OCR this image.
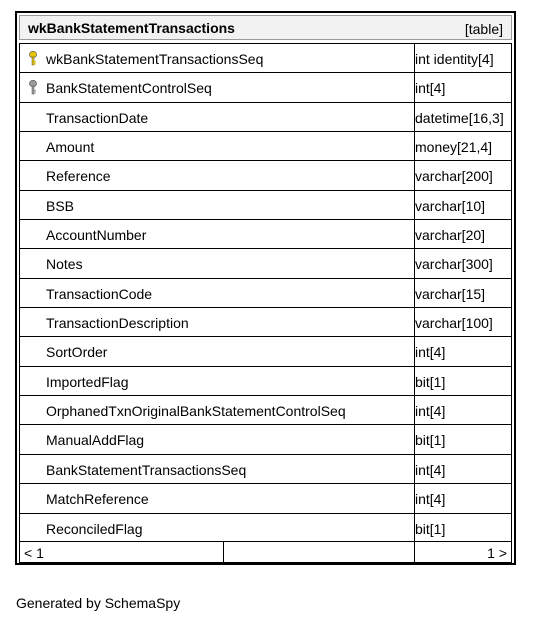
wkBankStatementTransactions	[table]
wkBankStatementTransactionsSeq	int identity[4]
BankStatementControlSeq	int[4]
TransactionDate	datetime[16,3]
Amount	money[21,4]
Reference	varchar[200]
BSB	varchar[10]
AccountNumber	varchar[20]
Notes	varchar[300]
TransactionCode	varchar[15]
TransactionDescription	varchar[100]
SortOrder	int[4]
ImportedFlag	bit[1]
OrphanedTxnOriginalBankStatementControlSeq	int[4]
ManualAddFlag	bit[1]
BankStatementTransactionsSeq	int[4]
MatchReference	int[4]
ReconciledFlag	bit[1]
< 1	1 >
Generated by SchemaSpy
